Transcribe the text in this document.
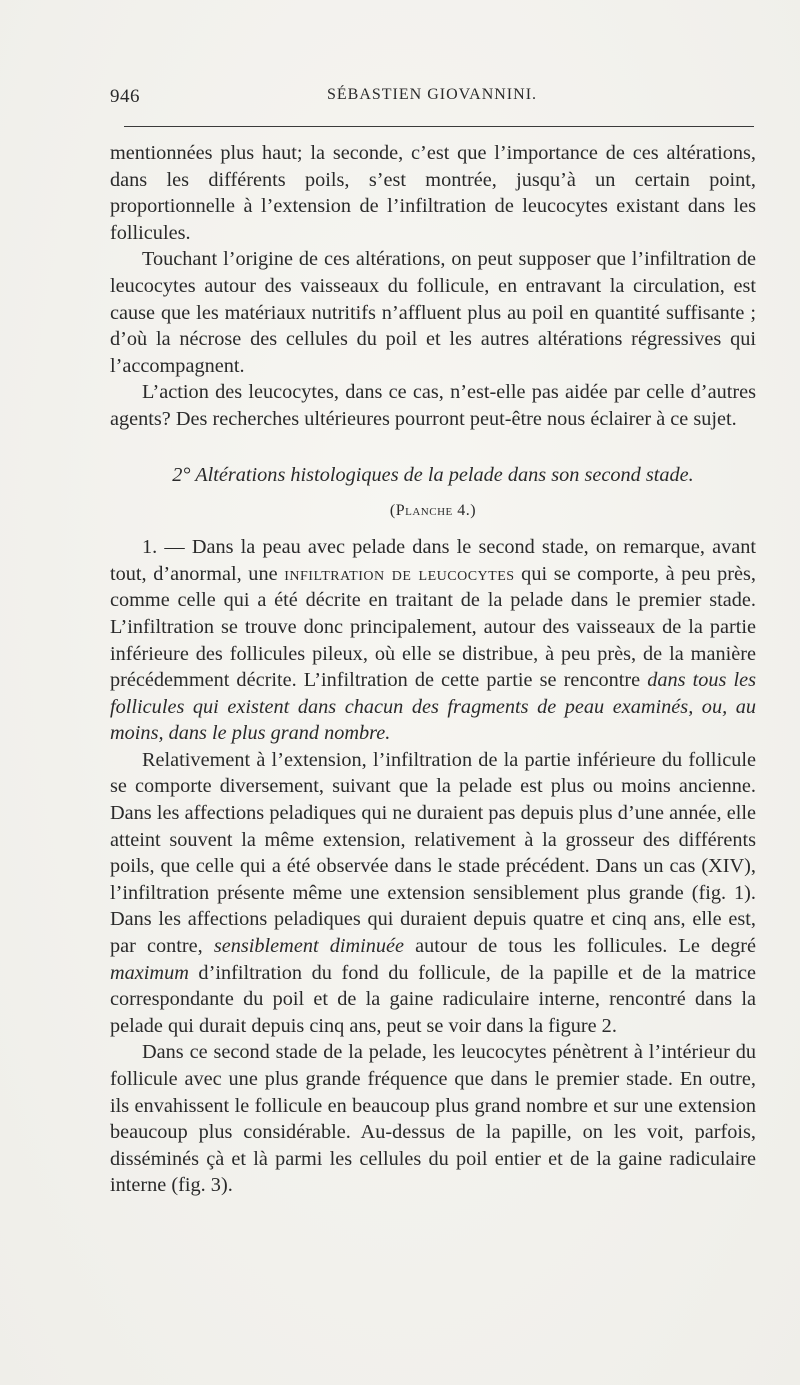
946	SÉBASTIEN GIOVANNINI.

mentionnées plus haut; la seconde, c’est que l’importance de ces altérations, dans les différents poils, s’est montrée, jusqu’à un certain point, proportionnelle à l’extension de l’infiltration de leucocytes existant dans les follicules.

Touchant l’origine de ces altérations, on peut supposer que l’infiltration de leucocytes autour des vaisseaux du follicule, en entravant la circulation, est cause que les matériaux nutritifs n’affluent plus au poil en quantité suffisante ; d’où la nécrose des cellules du poil et les autres altérations régressives qui l’accompagnent.

L’action des leucocytes, dans ce cas, n’est-elle pas aidée par celle d’autres agents? Des recherches ultérieures pourront peut-être nous éclairer à ce sujet.

2° Altérations histologiques de la pelade dans son second stade.

(Planche 4.)

1. — Dans la peau avec pelade dans le second stade, on remarque, avant tout, d’anormal, une infiltration de leucocytes qui se comporte, à peu près, comme celle qui a été décrite en traitant de la pelade dans le premier stade. L’infiltration se trouve donc principalement, autour des vaisseaux de la partie inférieure des follicules pileux, où elle se distribue, à peu près, de la manière précédemment décrite. L’infiltration de cette partie se rencontre dans tous les follicules qui existent dans chacun des fragments de peau examinés, ou, au moins, dans le plus grand nombre.

Relativement à l’extension, l’infiltration de la partie inférieure du follicule se comporte diversement, suivant que la pelade est plus ou moins ancienne. Dans les affections peladiques qui ne duraient pas depuis plus d’une année, elle atteint souvent la même extension, relativement à la grosseur des différents poils, que celle qui a été observée dans le stade précédent. Dans un cas (XIV), l’infiltration présente même une extension sensiblement plus grande (fig. 1). Dans les affections peladiques qui duraient depuis quatre et cinq ans, elle est, par contre, sensiblement diminuée autour de tous les follicules. Le degré maximum d’infiltration du fond du follicule, de la papille et de la matrice correspondante du poil et de la gaine radiculaire interne, rencontré dans la pelade qui durait depuis cinq ans, peut se voir dans la figure 2.

Dans ce second stade de la pelade, les leucocytes pénètrent à l’intérieur du follicule avec une plus grande fréquence que dans le premier stade. En outre, ils envahissent le follicule en beaucoup plus grand nombre et sur une extension beaucoup plus considérable. Au-dessus de la papille, on les voit, parfois, disséminés çà et là parmi les cellules du poil entier et de la gaine radiculaire interne (fig. 3).
